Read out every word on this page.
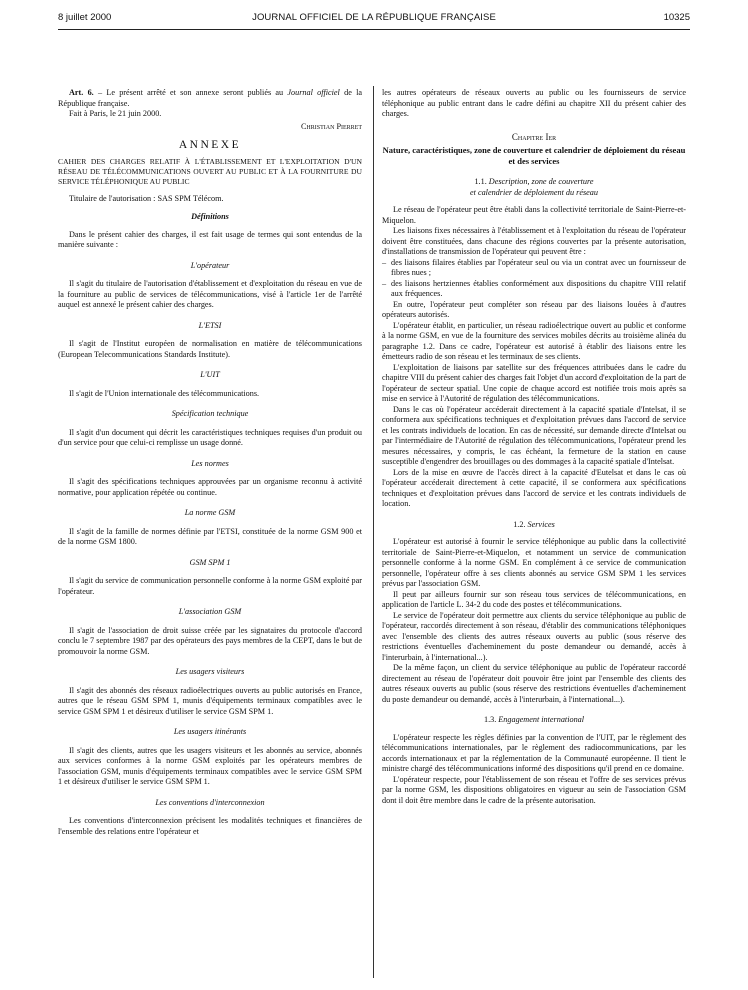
8 juillet 2000	JOURNAL OFFICIEL DE LA RÉPUBLIQUE FRANÇAISE	10325

Art. 6. – Le présent arrêté et son annexe seront publiés au Journal officiel de la République française.

Fait à Paris, le 21 juin 2000.

Christian Pierret

ANNEXE

CAHIER DES CHARGES RELATIF À L'ÉTABLISSEMENT ET L'EXPLOITATION D'UN RÉSEAU DE TÉLÉCOMMUNICATIONS OUVERT AU PUBLIC ET À LA FOURNITURE DU SERVICE TÉLÉPHONIQUE AU PUBLIC

Titulaire de l'autorisation : SAS SPM Télécom.

Définitions

Dans le présent cahier des charges, il est fait usage de termes qui sont entendus de la manière suivante :

L'opérateur

Il s'agit du titulaire de l'autorisation d'établissement et d'exploitation du réseau en vue de la fourniture au public de services de télécommunications, visé à l'article 1er de l'arrêté auquel est annexé le présent cahier des charges.

L'ETSI

Il s'agit de l'Institut européen de normalisation en matière de télécommunications (European Telecommunications Standards Institute).

L'UIT

Il s'agit de l'Union internationale des télécommunications.

Spécification technique

Il s'agit d'un document qui décrit les caractéristiques techniques requises d'un produit ou d'un service pour que celui-ci remplisse un usage donné.

Les normes

Il s'agit des spécifications techniques approuvées par un organisme reconnu à activité normative, pour application répétée ou continue.

La norme GSM

Il s'agit de la famille de normes définie par l'ETSI, constituée de la norme GSM 900 et de la norme GSM 1800.

GSM SPM 1

Il s'agit du service de communication personnelle conforme à la norme GSM exploité par l'opérateur.

L'association GSM

Il s'agit de l'association de droit suisse créée par les signataires du protocole d'accord conclu le 7 septembre 1987 par des opérateurs des pays membres de la CEPT, dans le but de promouvoir la norme GSM.

Les usagers visiteurs

Il s'agit des abonnés des réseaux radioélectriques ouverts au public autorisés en France, autres que le réseau GSM SPM 1, munis d'équipements terminaux compatibles avec le service GSM SPM 1 et désireux d'utiliser le service GSM SPM 1.

Les usagers itinérants

Il s'agit des clients, autres que les usagers visiteurs et les abonnés au service, abonnés aux services conformes à la norme GSM exploités par les opérateurs membres de l'association GSM, munis d'équipements terminaux compatibles avec le service GSM SPM 1 et désireux d'utiliser le service GSM SPM 1.

Les conventions d'interconnexion

Les conventions d'interconnexion précisent les modalités techniques et financières de l'ensemble des relations entre l'opérateur et

les autres opérateurs de réseaux ouverts au public ou les fournisseurs de service téléphonique au public entrant dans le cadre défini au chapitre XII du présent cahier des charges.

Chapitre Ier

Nature, caractéristiques, zone de couverture et calendrier de déploiement du réseau et des services

1.1. Description, zone de couverture

et calendrier de déploiement du réseau

Le réseau de l'opérateur peut être établi dans la collectivité territoriale de Saint-Pierre-et-Miquelon.

Les liaisons fixes nécessaires à l'établissement et à l'exploitation du réseau de l'opérateur doivent être constituées, dans chacune des régions couvertes par la présente autorisation, d'installations de transmission de l'opérateur qui peuvent être :

– des liaisons filaires établies par l'opérateur seul ou via un contrat avec un fournisseur de fibres nues ;

– des liaisons hertziennes établies conformément aux dispositions du chapitre VIII relatif aux fréquences.

En outre, l'opérateur peut compléter son réseau par des liaisons louées à d'autres opérateurs autorisés.

L'opérateur établit, en particulier, un réseau radioélectrique ouvert au public et conforme à la norme GSM, en vue de la fourniture des services mobiles décrits au troisième alinéa du paragraphe 1.2. Dans ce cadre, l'opérateur est autorisé à établir des liaisons entre les émetteurs radio de son réseau et les terminaux de ses clients.

L'exploitation de liaisons par satellite sur des fréquences attribuées dans le cadre du chapitre VIII du présent cahier des charges fait l'objet d'un accord d'exploitation de la part de l'opérateur de secteur spatial. Une copie de chaque accord est notifiée trois mois après sa mise en service à l'Autorité de régulation des télécommunications.

Dans le cas où l'opérateur accéderait directement à la capacité spatiale d'Intelsat, il se conformera aux spécifications techniques et d'exploitation prévues dans l'accord de service et les contrats individuels de location. En cas de nécessité, sur demande directe d'Intelsat ou par l'intermédiaire de l'Autorité de régulation des télécommunications, l'opérateur prend les mesures nécessaires, y compris, le cas échéant, la fermeture de la station en cause susceptible d'engendrer des brouillages ou des dommages à la capacité spatiale d'Intelsat.

Lors de la mise en œuvre de l'accès direct à la capacité d'Eutelsat et dans le cas où l'opérateur accéderait directement à cette capacité, il se conformera aux spécifications techniques et d'exploitation prévues dans l'accord de service et les contrats individuels de location.

1.2. Services

L'opérateur est autorisé à fournir le service téléphonique au public dans la collectivité territoriale de Saint-Pierre-et-Miquelon, et notamment un service de communication personnelle conforme à la norme GSM. En complément à ce service de communication personnelle, l'opérateur offre à ses clients abonnés au service GSM SPM 1 les services prévus par l'association GSM.

Il peut par ailleurs fournir sur son réseau tous services de télécommunications, en application de l'article L. 34-2 du code des postes et télécommunications.

Le service de l'opérateur doit permettre aux clients du service téléphonique au public de l'opérateur, raccordés directement à son réseau, d'établir des communications téléphoniques avec l'ensemble des clients des autres réseaux ouverts au public (sous réserve des restrictions éventuelles d'acheminement du poste demandeur ou demandé, accès à l'interurbain, à l'international...).

De la même façon, un client du service téléphonique au public de l'opérateur raccordé directement au réseau de l'opérateur doit pouvoir être joint par l'ensemble des clients des autres réseaux ouverts au public (sous réserve des restrictions éventuelles d'acheminement du poste demandeur ou demandé, accès à l'interurbain, à l'international...).

1.3. Engagement international

L'opérateur respecte les règles définies par la convention de l'UIT, par le règlement des télécommunications internationales, par le règlement des radiocommunications, par les accords internationaux et par la réglementation de la Communauté européenne. Il tient le ministre chargé des télécommunications informé des dispositions qu'il prend en ce domaine.

L'opérateur respecte, pour l'établissement de son réseau et l'offre de ses services prévus par la norme GSM, les dispositions obligatoires en vigueur au sein de l'association GSM dont il doit être membre dans le cadre de la présente autorisation.
